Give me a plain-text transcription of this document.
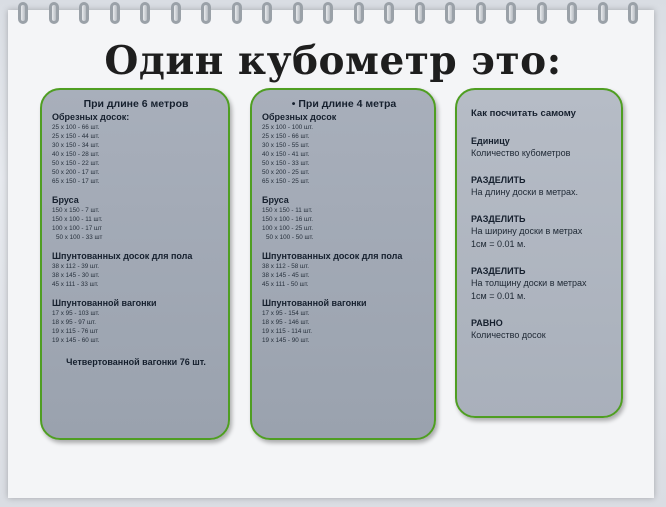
Один кубометр это:
При длине 6 метров
Обрезных досок:
25 x 100 - 66 шт.
25 x 150 - 44 шт.
30 x 150 - 34 шт.
40 x 150 - 28 шт.
50 x 150 - 22 шт.
50 x 200 - 17 шт.
65 x 150 - 17 шт.
Бруса
150 x 150 - 7 шт.
150 x 100 - 11 шт.
100 x 100 - 17 шт
50 x 100 - 33 шт
Шпунтованных досок для пола
38 x 112 - 39 шт.
38 x 145 - 30 шт.
45 x 111 - 33 шт.
Шпунтованной вагонки
17 x 95 - 103 шт.
18 x 95 - 97 шт.
19 x 115 - 76 шт
19 x 145 - 60 шт.
Четвертованной вагонки 76 шт.
• При длине 4 метра
Обрезных досок
25 x 100 - 100 шт.
25 x 150 - 66 шт.
30 x 150 - 55 шт.
40 x 150 - 41 шт.
50 x 150 - 33 шт.
50 x 200 - 25 шт.
65 x 150 - 25 шт.
Бруса
150 x 150 - 11 шт.
150 x 100 - 16 шт.
100 x 100 - 25 шт.
50 x 100 - 50 шт.
Шпунтованных досок для пола
38 x 112 - 58 шт.
38 x 145 - 45 шт.
45 x 111 - 50 шт.
Шпунтованной вагонки
17 x 95 - 154 шт.
18 x 95 - 146 шт.
19 x 115 - 114 шт.
19 x 145 - 90 шт.
Как посчитать самому
Единицу
Количество кубометров
РАЗДЕЛИТЬ
На длину доски в метрах.
РАЗДЕЛИТЬ
На ширину доски в метрах 1см = 0.01 м.
РАЗДЕЛИТЬ
На толщину доски в метрах 1см = 0.01 м.
РАВНО
Количество досок
